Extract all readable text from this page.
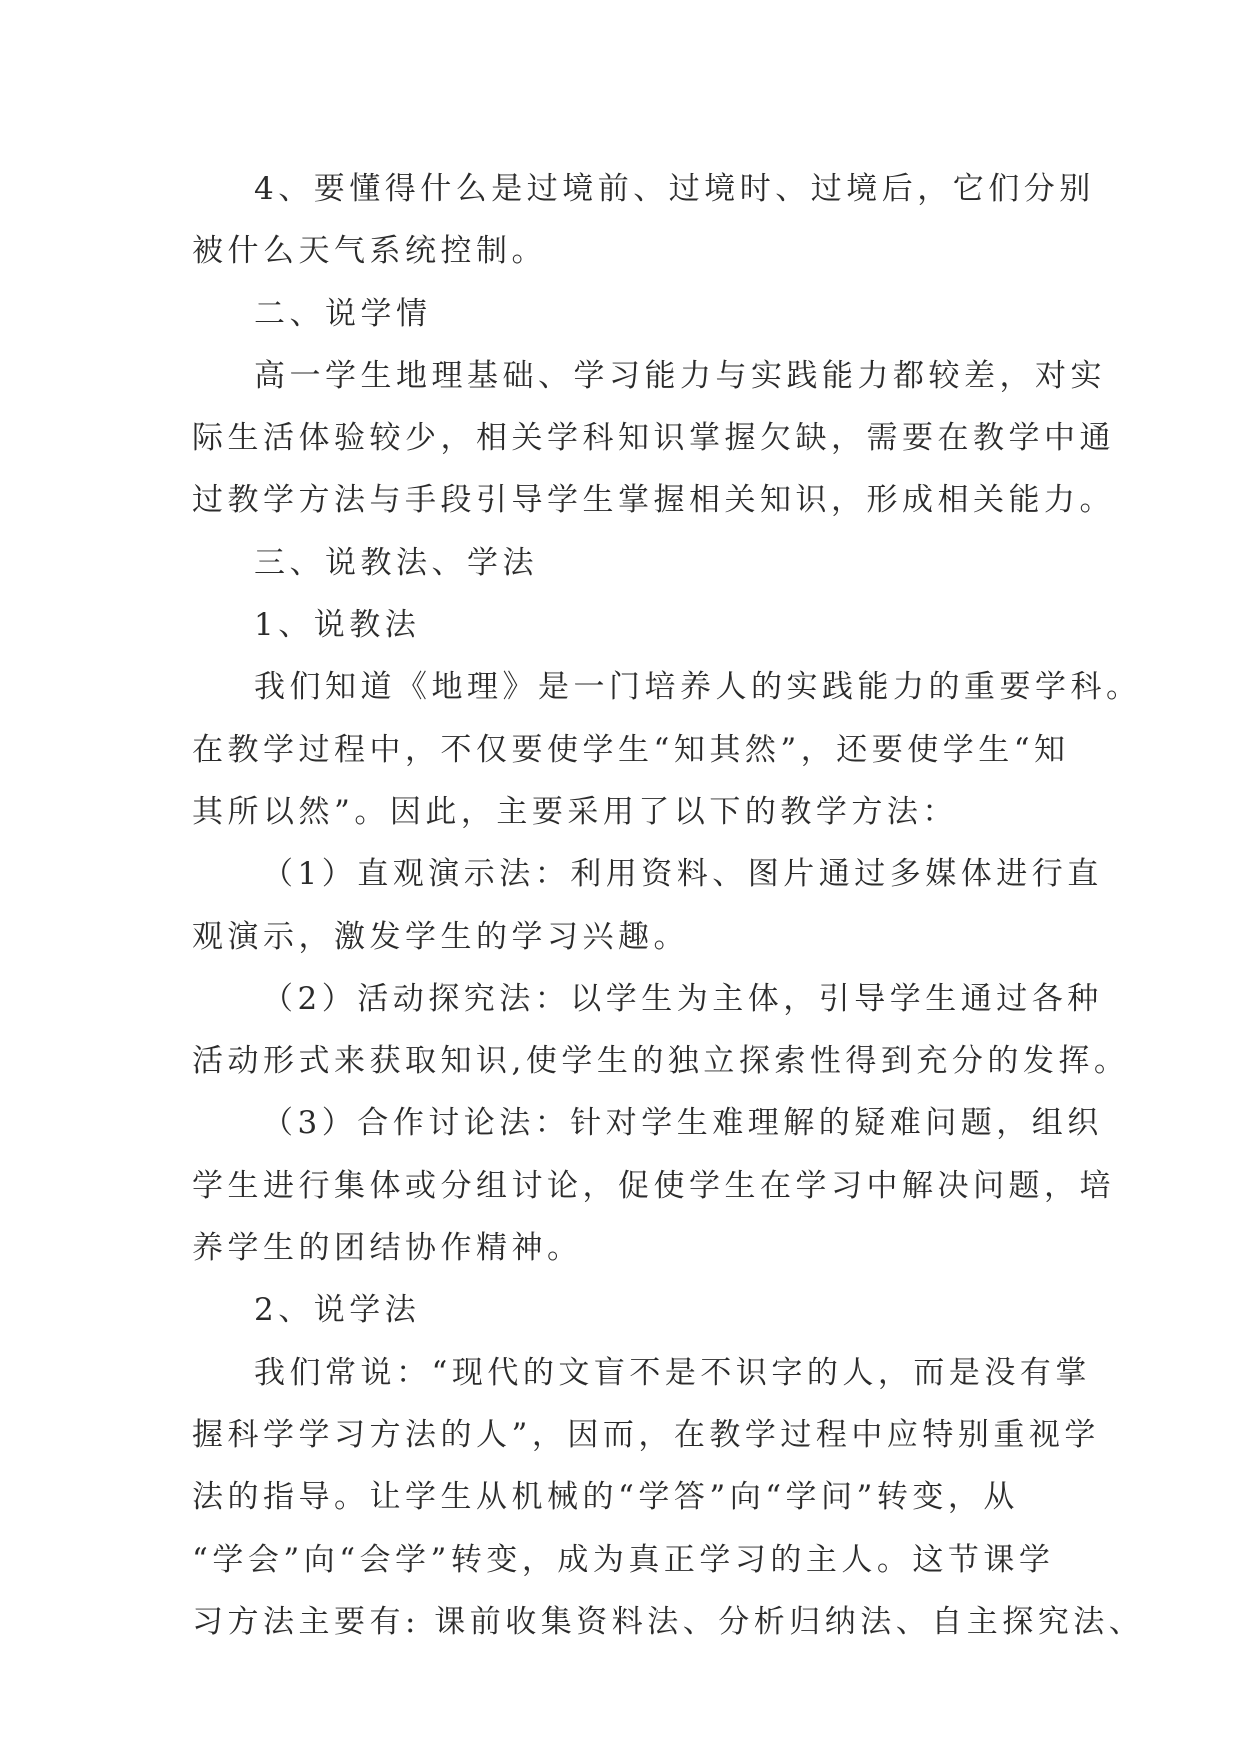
4、要懂得什么是过境前、过境时、过境后，它们分别
被什么天气系统控制。
二、说学情
高一学生地理基础、学习能力与实践能力都较差，对实
际生活体验较少，相关学科知识掌握欠缺，需要在教学中通
过教学方法与手段引导学生掌握相关知识，形成相关能力。
三、说教法、学法
1、说教法
我们知道《地理》是一门培养人的实践能力的重要学科。
在教学过程中，不仅要使学生“知其然”，还要使学生“知
其所以然”。因此，主要采用了以下的教学方法：
（1）直观演示法：利用资料、图片通过多媒体进行直
观演示，激发学生的学习兴趣。
（2）活动探究法：以学生为主体，引导学生通过各种
活动形式来获取知识,使学生的独立探索性得到充分的发挥。
（3）合作讨论法：针对学生难理解的疑难问题，组织
学生进行集体或分组讨论，促使学生在学习中解决问题，培
养学生的团结协作精神。
2、说学法
我们常说：“现代的文盲不是不识字的人，而是没有掌
握科学学习方法的人”，因而，在教学过程中应特别重视学
法的指导。让学生从机械的“学答”向“学问”转变，从
“学会”向“会学”转变，成为真正学习的主人。这节课学
习方法主要有: 课前收集资料法、分析归纳法、自主探究法、
